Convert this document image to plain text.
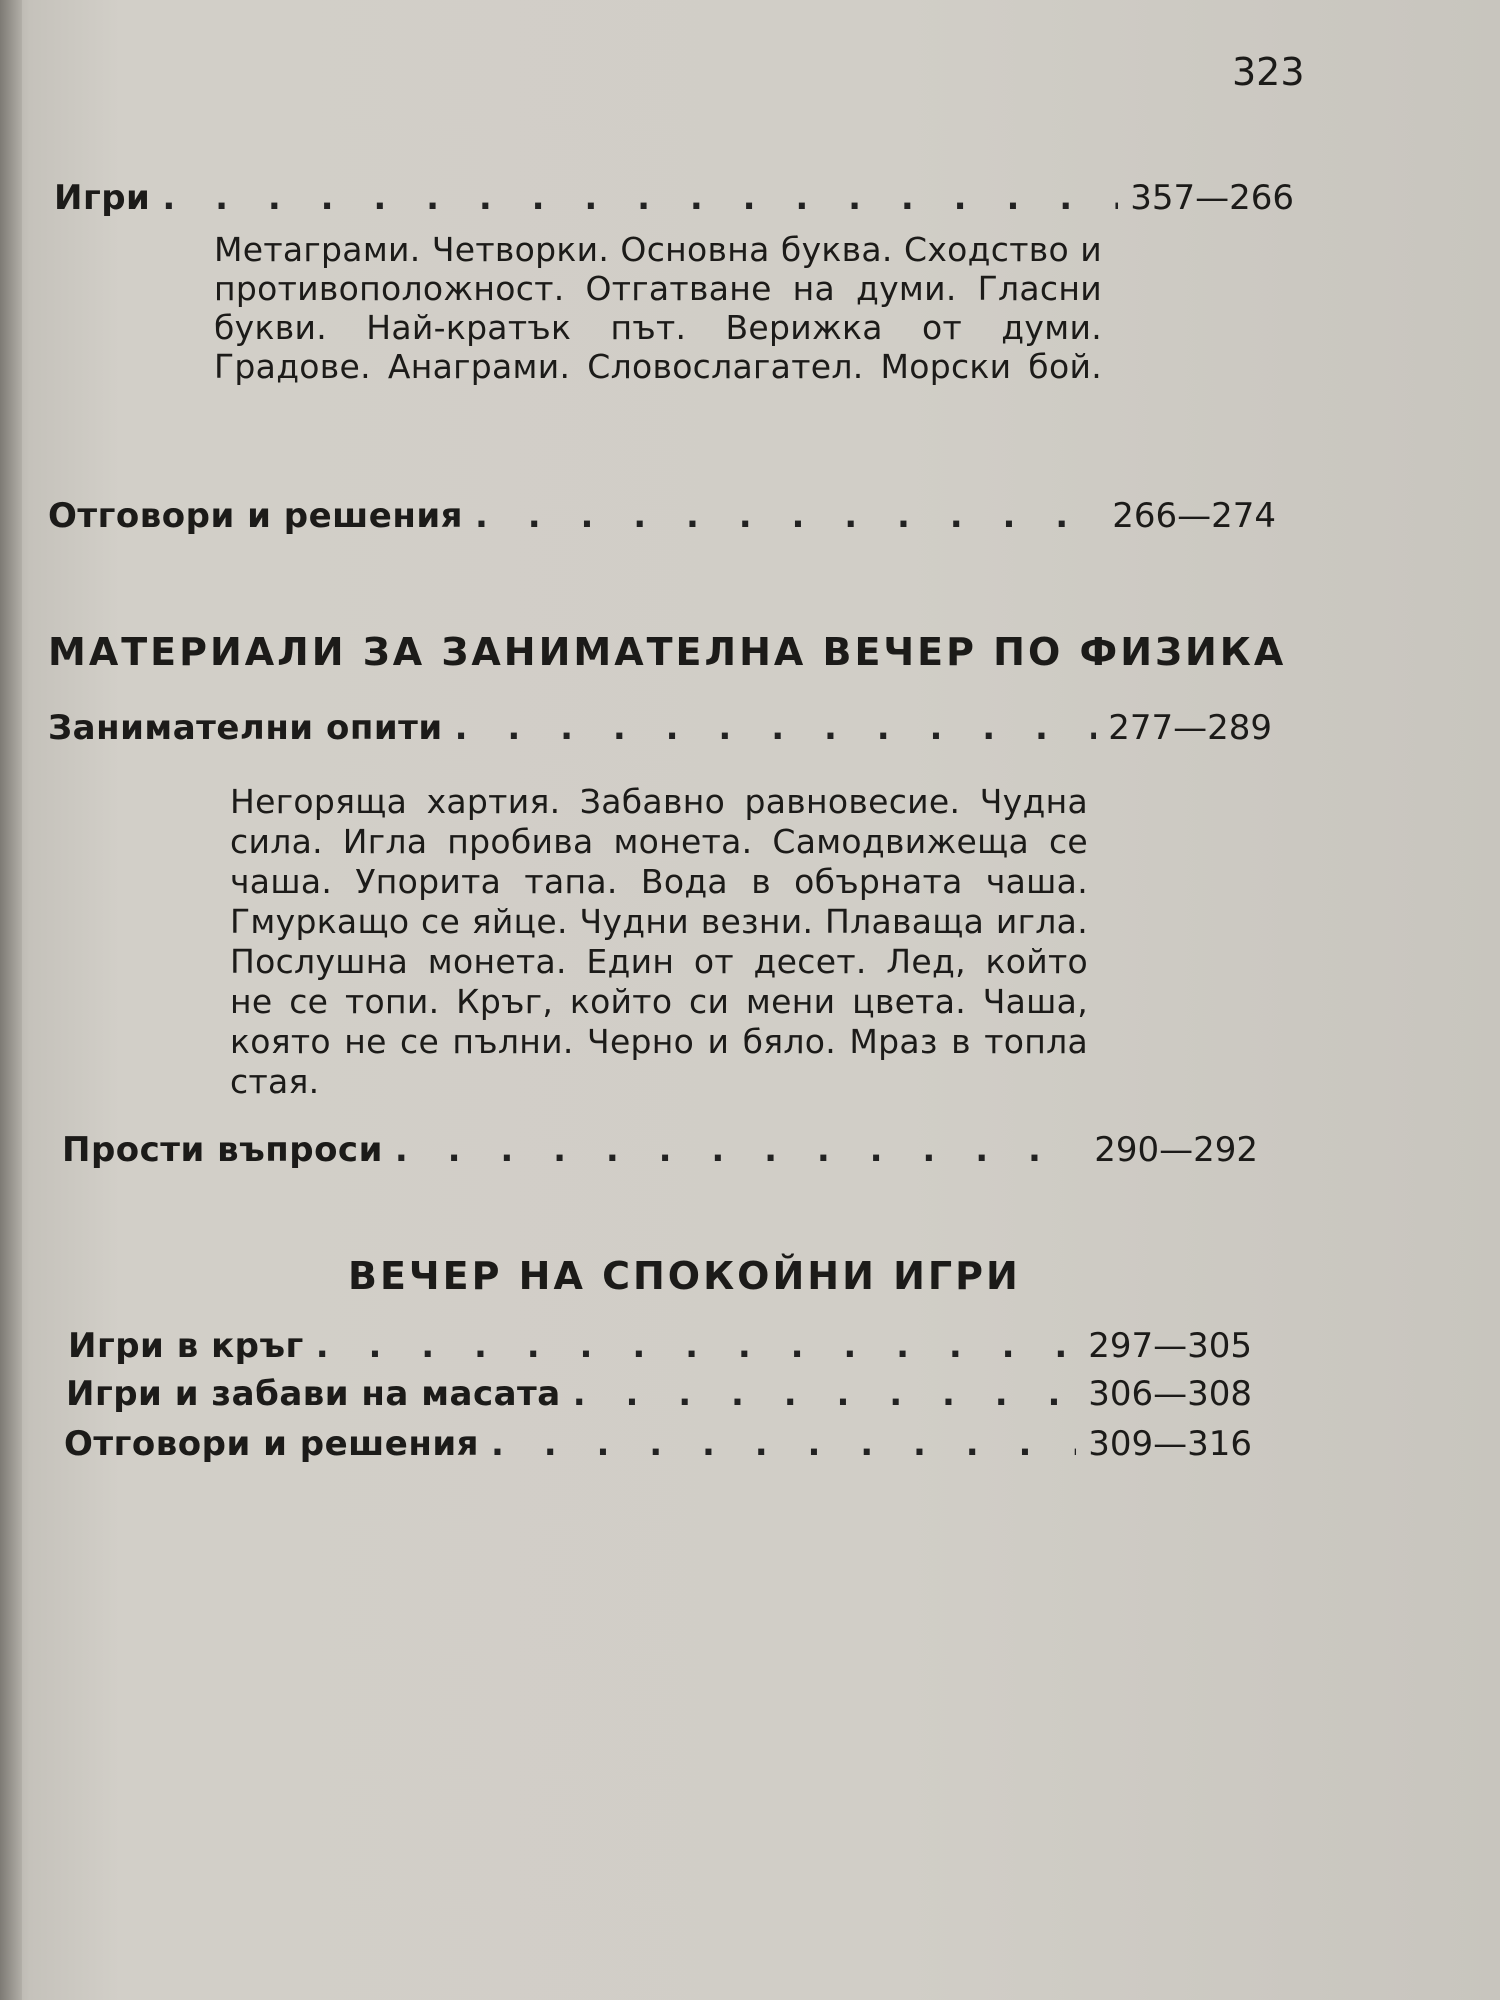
323
Игри . . .	357—266
Метаграми. Четворки. Основна буква. Сходство и противоположност. Отгатване на думи. Гласни букви. Най-кратък път. Верижка от думи. Градове. Анаграми. Словослагател. Морски бой.
Отговори и решения . . .	266—274
МАТЕРИАЛИ ЗА ЗАНИМАТЕЛНА ВЕЧЕР ПО ФИЗИКА
Занимателни опити . . .	277—289
Негоряща хартия. Забавно равновесие. Чудна сила. Игла пробива монета. Самодвижеща се чаша. Упорита тапа. Вода в обърната чаша. Гмуркащо се яйце. Чудни везни. Плаваща игла. Послушна монета. Един от десет. Лед, който не се топи. Кръг, който си мени цвета. Чаша, която не се пълни. Черно и бяло. Мраз в топла стая.
Прости въпроси . . .	290—292
ВЕЧЕР НА СПОКОЙНИ ИГРИ
Игри в кръг . . .	297—305
Игри и забави на масата . . .	306—308
Отговори и решения . . .	309—316
